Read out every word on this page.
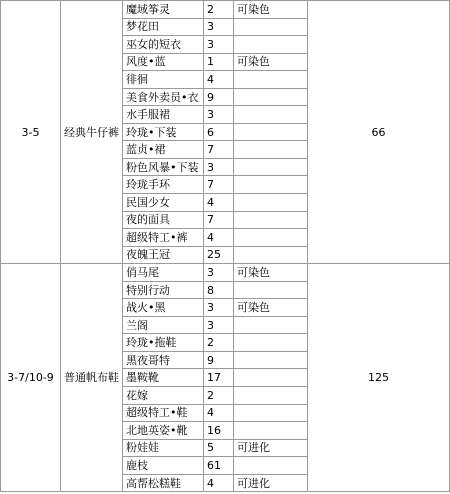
3-5	经典牛仔裤	魔域筝灵	2	可染色	66
		梦花田	3		
		巫女的短衣	3		
		风度•蓝	1	可染色	
		徘徊	4		
		美食外卖员•衣	9		
		水手服裙	3		
		玲珑•下装	6		
		蓝贞•裙	7		
		粉色风暴•下装	3		
		玲珑手环	7		
		民国少女	4		
		夜的面具	7		
		超级特工•裤	4		
		夜魄王冠	25		
3-7/10-9	普通帆布鞋	俏马尾	3	可染色	125
		特别行动	8		
		战火•黑	3	可染色	
		兰阁	3		
		玲珑•拖鞋	2		
		黑夜哥特	9		
		墨鞍靴	17		
		花嫁	2		
		超级特工•鞋	4		
		北地英姿•靴	16		
		粉娃娃	5	可进化	
		鹿枝	61		
		高帮松糕鞋	4	可进化	
